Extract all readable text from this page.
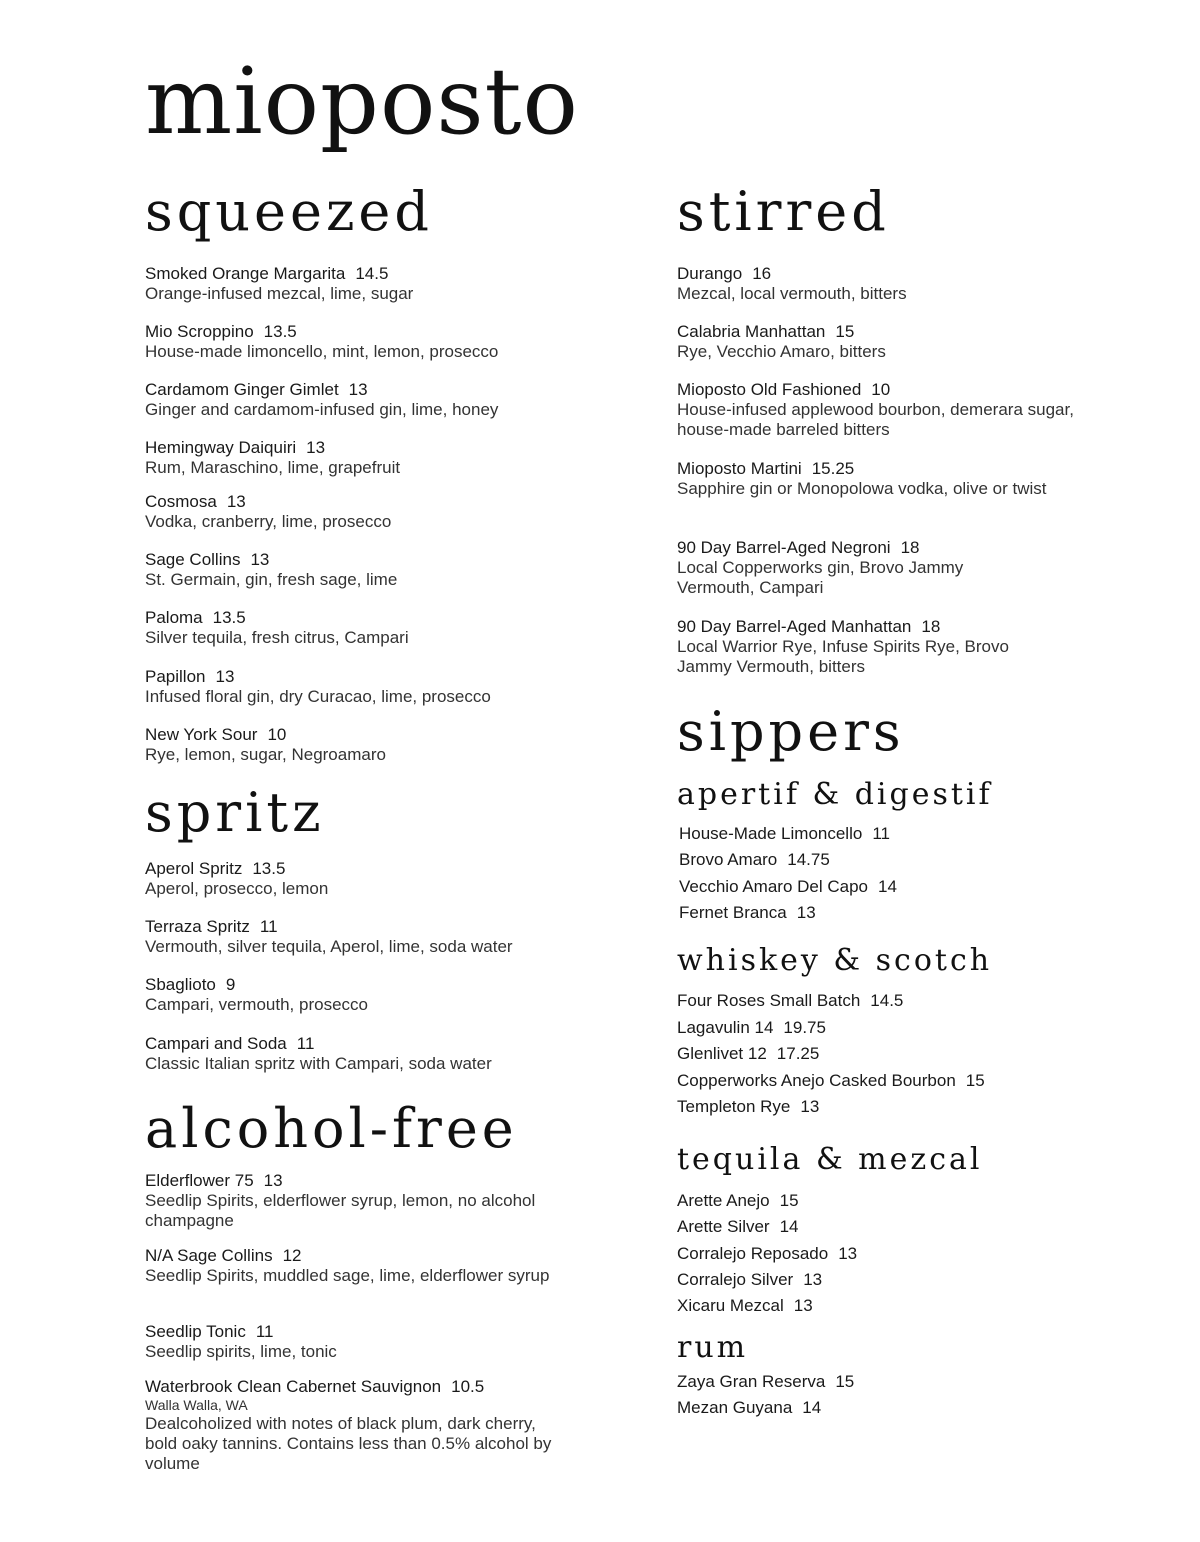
mioposto
squeezed
Smoked Orange Margarita 14.5
Orange-infused mezcal, lime, sugar
Mio Scroppino 13.5
House-made limoncello, mint, lemon, prosecco
Cardamom Ginger Gimlet 13
Ginger and cardamom-infused gin, lime, honey
Hemingway Daiquiri 13
Rum, Maraschino, lime, grapefruit
Cosmosa 13
Vodka, cranberry, lime, prosecco
Sage Collins 13
St. Germain, gin, fresh sage, lime
Paloma 13.5
Silver tequila, fresh citrus, Campari
Papillon 13
Infused floral gin, dry Curacao, lime, prosecco
New York Sour 10
Rye, lemon, sugar, Negroamaro
spritz
Aperol Spritz 13.5
Aperol, prosecco, lemon
Terraza Spritz 11
Vermouth, silver tequila, Aperol, lime, soda water
Sbaglioto 9
Campari, vermouth, prosecco
Campari and Soda 11
Classic Italian spritz with Campari, soda water
alcohol-free
Elderflower 75 13
Seedlip Spirits, elderflower syrup, lemon, no alcohol champagne
N/A Sage Collins 12
Seedlip Spirits, muddled sage, lime, elderflower syrup
Seedlip Tonic 11
Seedlip spirits, lime, tonic
Waterbrook Clean Cabernet Sauvignon 10.5
Walla Walla, WA
Dealcoholized with notes of black plum, dark cherry, bold oaky tannins. Contains less than 0.5% alcohol by volume
stirred
Durango 16
Mezcal, local vermouth, bitters
Calabria Manhattan 15
Rye, Vecchio Amaro, bitters
Mioposto Old Fashioned 10
House-infused applewood bourbon, demerara sugar, house-made barreled bitters
Mioposto Martini 15.25
Sapphire gin or Monopolowa vodka, olive or twist
90 Day Barrel-Aged Negroni 18
Local Copperworks gin, Brovo Jammy Vermouth, Campari
90 Day Barrel-Aged Manhattan 18
Local Warrior Rye, Infuse Spirits Rye, Brovo Jammy Vermouth, bitters
sippers
apertif & digestif
House-Made Limoncello 11
Brovo Amaro 14.75
Vecchio Amaro Del Capo 14
Fernet Branca 13
whiskey & scotch
Four Roses Small Batch 14.5
Lagavulin 14 19.75
Glenlivet 12 17.25
Copperworks Anejo Casked Bourbon 15
Templeton Rye 13
tequila & mezcal
Arette Anejo 15
Arette Silver 14
Corralejo Reposado 13
Corralejo Silver 13
Xicaru Mezcal 13
rum
Zaya Gran Reserva 15
Mezan Guyana 14
